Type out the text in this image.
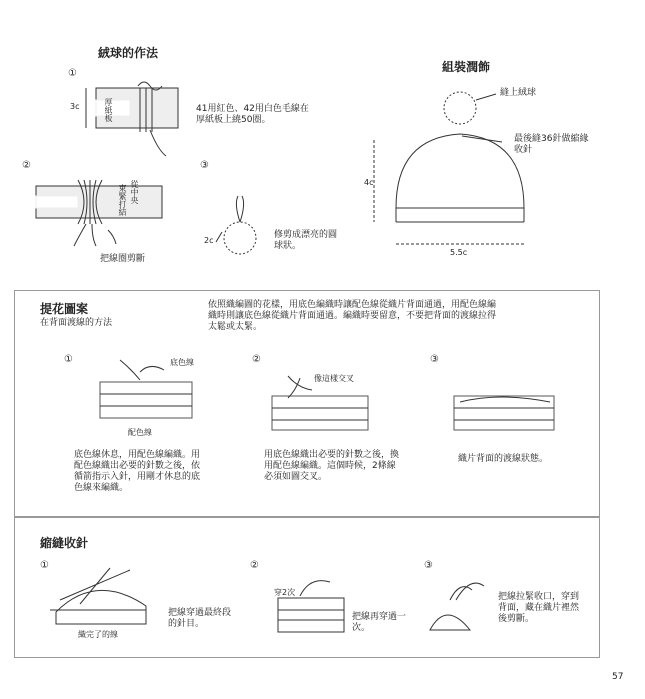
絨球的作法
①
3c	厚紙板	41用紅色、42用白色毛線在厚紙板上繞50圈。
②
從中央
束緊打結
把線圈剪斷
③
2c
修剪成漂亮的圓球狀。
組裝潤飾
縫上絨球
最後縫36針做縮緣收針
4c
5.5c
提花圖案
在背面渡線的方法
依照織編圖的花樣，用底色編織時讓配色線從織片背面通過，用配色線編織時則讓底色線從織片背面通過。編織時要留意，不要把背面的渡線拉得太鬆或太緊。
①	底色線
配色線
底色線休息，用配色線編織。用配色線織出必要的針數之後，依循箭指示入針，用剛才休息的底色線來編織。
②
像這樣交叉
用底色線織出必要的針數之後，換用配色線編織。這個時候，2條線必須如圖交叉。
③
織片背面的渡線狀態。
縮縫收針
①
織完了的線
把線穿過最終段的針目。
②
穿2次
把線再穿過一次。
③
把線拉緊收口，穿到背面，藏在織片裡然後剪斷。
57
